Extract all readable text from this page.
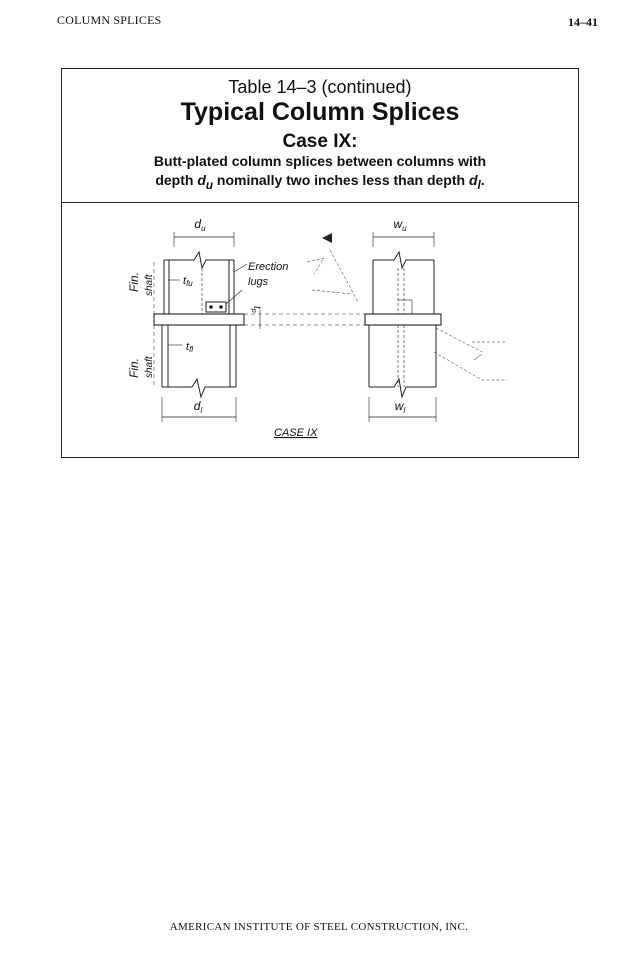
COLUMN SPLICES	14–41
Table 14–3 (continued)
Typical Column Splices
Case IX:
Butt-plated column splices between columns with
depth $d_u$ nominally two inches less than depth $d_l$.
$d_u$	$w_u$
$d_l$	$w_l$
tfu
tfl
Erection
lugs
$t_p$
Fin. shaft
Fin. shaft
CASE IX
AMERICAN INSTITUTE OF STEEL CONSTRUCTION, INC.
